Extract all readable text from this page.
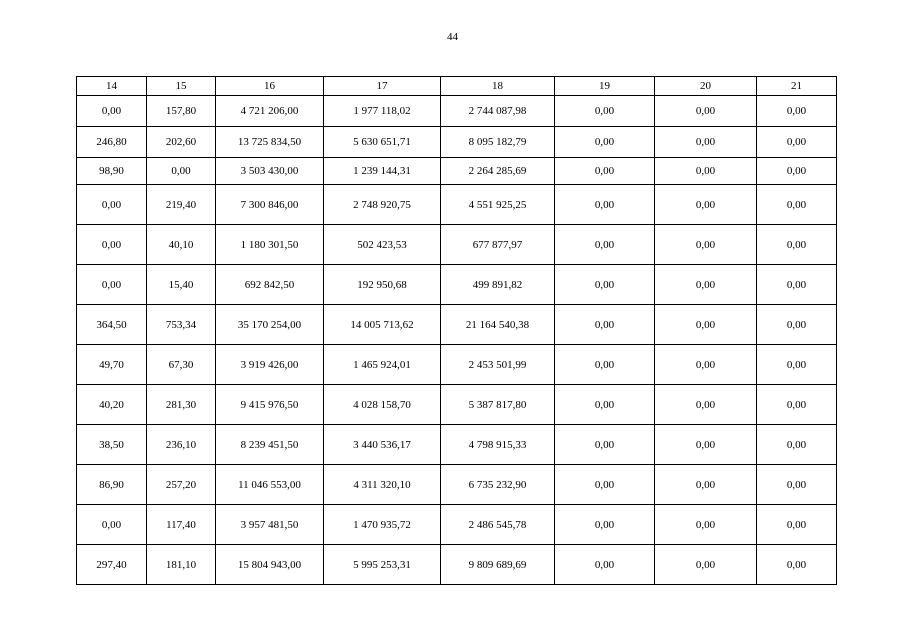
44
14	15	16	17	18	19	20	21
0,00	157,80	4 721 206,00	1 977 118,02	2 744 087,98	0,00	0,00	0,00
246,80	202,60	13 725 834,50	5 630 651,71	8 095 182,79	0,00	0,00	0,00
98,90	0,00	3 503 430,00	1 239 144,31	2 264 285,69	0,00	0,00	0,00
0,00	219,40	7 300 846,00	2 748 920,75	4 551 925,25	0,00	0,00	0,00
0,00	40,10	1 180 301,50	502 423,53	677 877,97	0,00	0,00	0,00
0,00	15,40	692 842,50	192 950,68	499 891,82	0,00	0,00	0,00
364,50	753,34	35 170 254,00	14 005 713,62	21 164 540,38	0,00	0,00	0,00
49,70	67,30	3 919 426,00	1 465 924,01	2 453 501,99	0,00	0,00	0,00
40,20	281,30	9 415 976,50	4 028 158,70	5 387 817,80	0,00	0,00	0,00
38,50	236,10	8 239 451,50	3 440 536,17	4 798 915,33	0,00	0,00	0,00
86,90	257,20	11 046 553,00	4 311 320,10	6 735 232,90	0,00	0,00	0,00
0,00	117,40	3 957 481,50	1 470 935,72	2 486 545,78	0,00	0,00	0,00
297,40	181,10	15 804 943,00	5 995 253,31	9 809 689,69	0,00	0,00	0,00
